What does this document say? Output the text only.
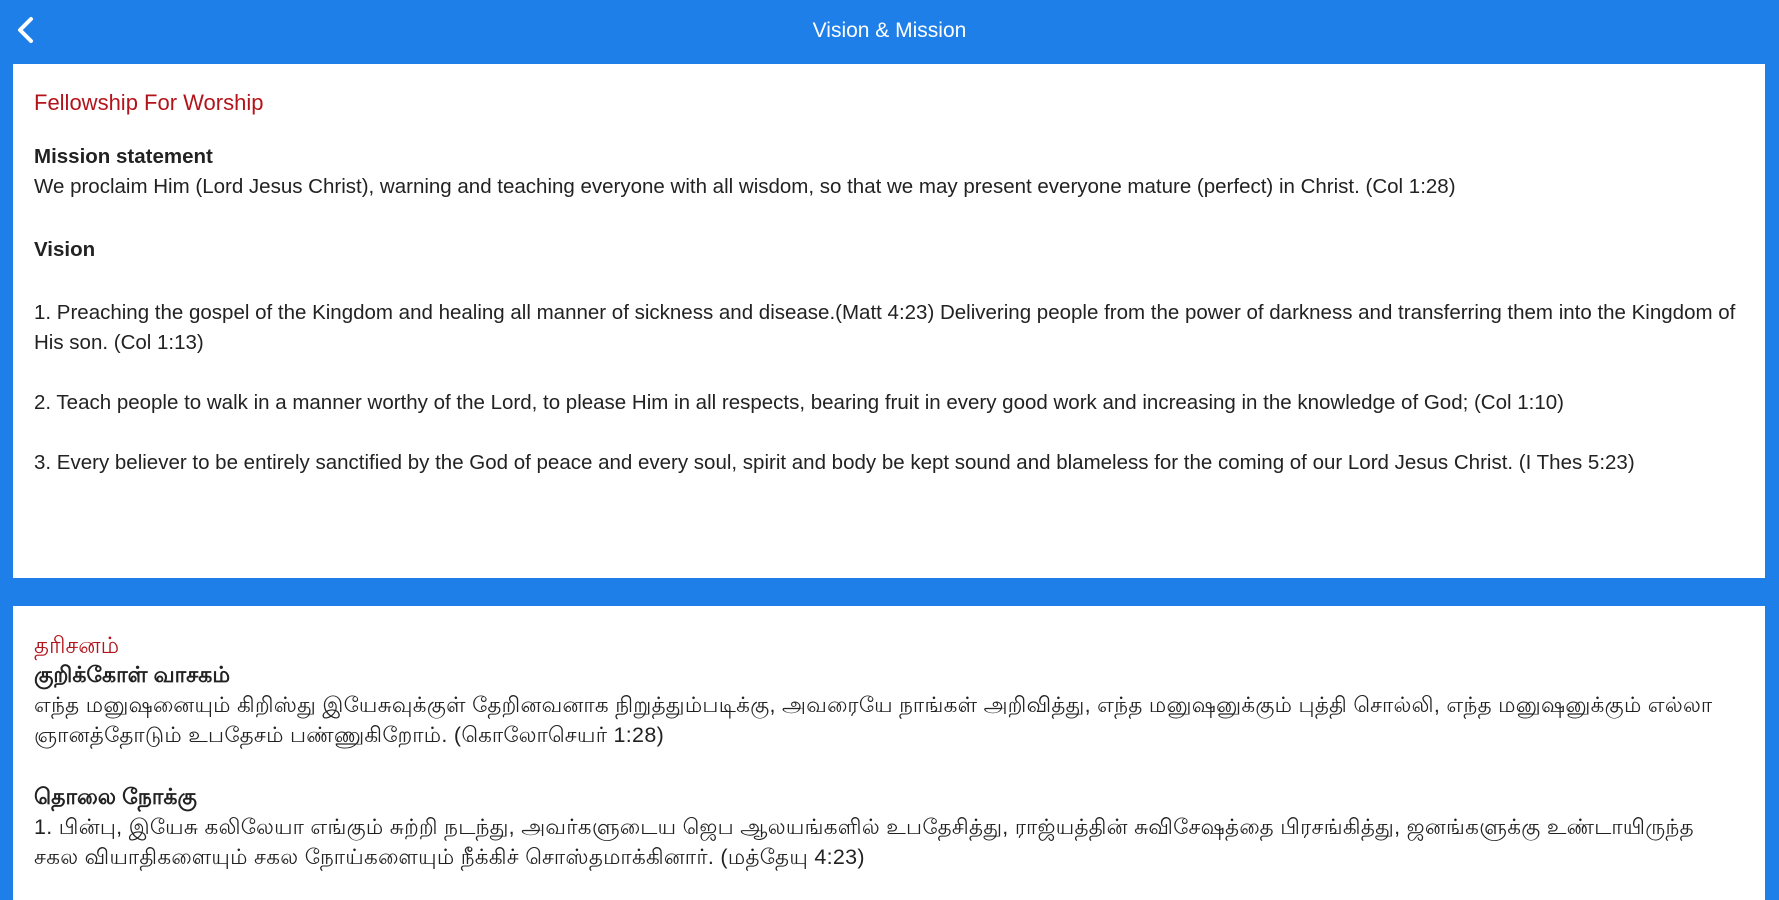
Vision & Mission

Fellowship For Worship

Mission statement

We proclaim Him (Lord Jesus Christ), warning and teaching everyone with all wisdom, so that we may present everyone mature (perfect) in Christ. (Col 1:28)

Vision

1. Preaching the gospel of the Kingdom and healing all manner of sickness and disease.(Matt 4:23) Delivering people from the power of darkness and transferring them into the Kingdom of His son. (Col 1:13)

2. Teach people to walk in a manner worthy of the Lord, to please Him in all respects, bearing fruit in every good work and increasing in the knowledge of God; (Col 1:10)

3. Every believer to be entirely sanctified by the God of peace and every soul, spirit and body be kept sound and blameless for the coming of our Lord Jesus Christ. (I Thes 5:23)

தரிசனம்

குறிக்கோள் வாசகம்

எந்த மனுஷனையும் கிறிஸ்து இயேசுவுக்குள் தேறினவனாக நிறுத்தும்படிக்கு, அவரையே நாங்கள் அறிவித்து, எந்த மனுஷனுக்கும் புத்தி சொல்லி, எந்த மனுஷனுக்கும் எல்லா ஞானத்தோடும் உபதேசம் பண்ணுகிறோம். (கொலோசெயர் 1:28)

தொலை நோக்கு

1. பின்பு, இயேசு கலிலேயா எங்கும் சுற்றி நடந்து, அவர்களுடைய ஜெப ஆலயங்களில் உபதேசித்து, ராஜ்யத்தின் சுவிசேஷத்தை பிரசங்கித்து, ஜனங்களுக்கு உண்டாயிருந்த சகல வியாதிகளையும் சகல நோய்களையும் நீக்கிச் சொஸ்தமாக்கினார். (மத்தேயு 4:23)
